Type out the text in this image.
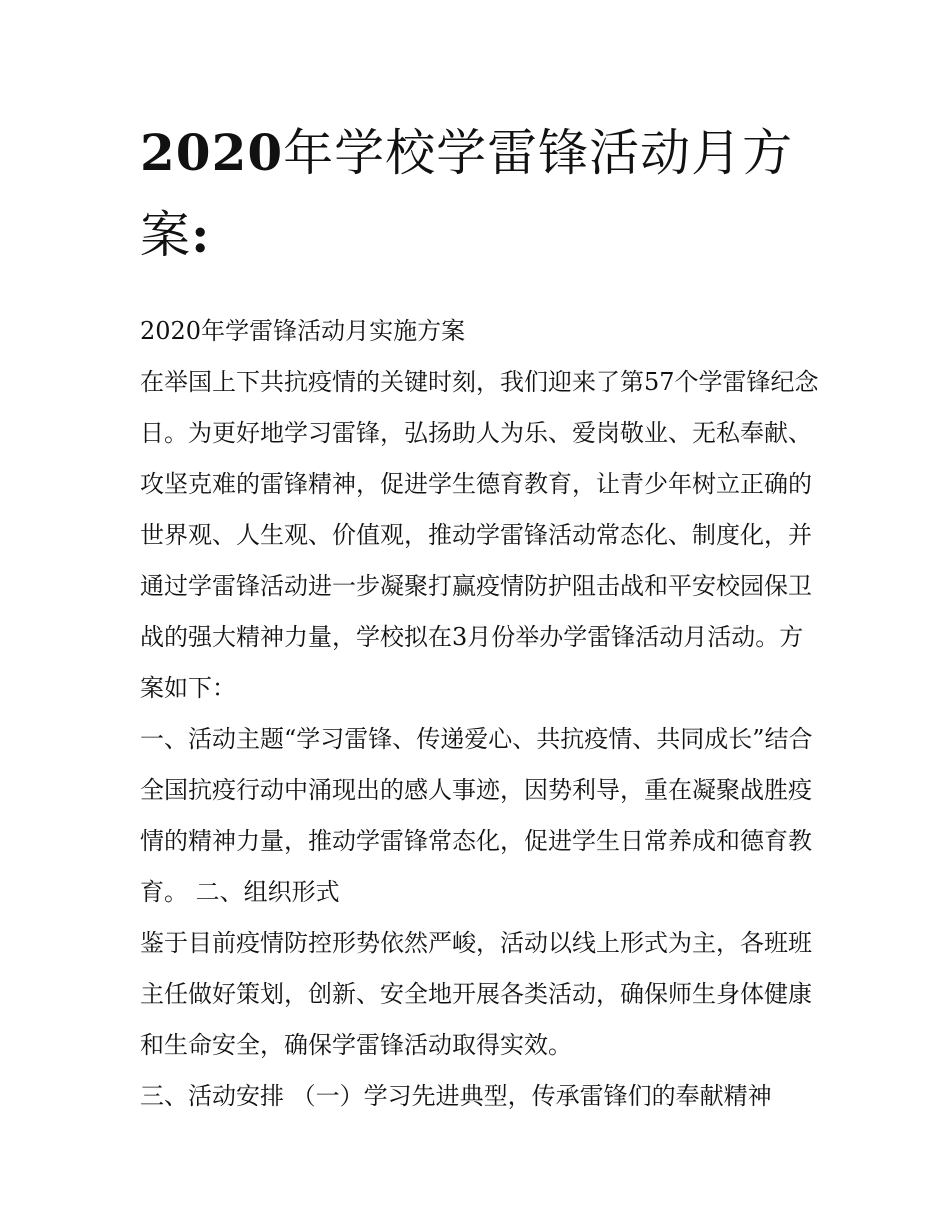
2020年学校学雷锋活动月方案:

2020年学雷锋活动月实施方案

在举国上下共抗疫情的关键时刻，我们迎来了第57个学雷锋纪念日。为更好地学习雷锋，弘扬助人为乐、爱岗敬业、无私奉献、攻坚克难的雷锋精神，促进学生德育教育，让青少年树立正确的世界观、人生观、价值观，推动学雷锋活动常态化、制度化，并通过学雷锋活动进一步凝聚打赢疫情防护阻击战和平安校园保卫战的强大精神力量，学校拟在3月份举办学雷锋活动月活动。方案如下：

一、活动主题“学习雷锋、传递爱心、共抗疫情、共同成长”结合全国抗疫行动中涌现出的感人事迹，因势利导，重在凝聚战胜疫情的精神力量，推动学雷锋常态化，促进学生日常养成和德育教育。 二、组织形式

鉴于目前疫情防控形势依然严峻，活动以线上形式为主，各班班主任做好策划，创新、安全地开展各类活动，确保师生身体健康和生命安全，确保学雷锋活动取得实效。

三、活动安排 （一）学习先进典型，传承雷锋们的奉献精神
